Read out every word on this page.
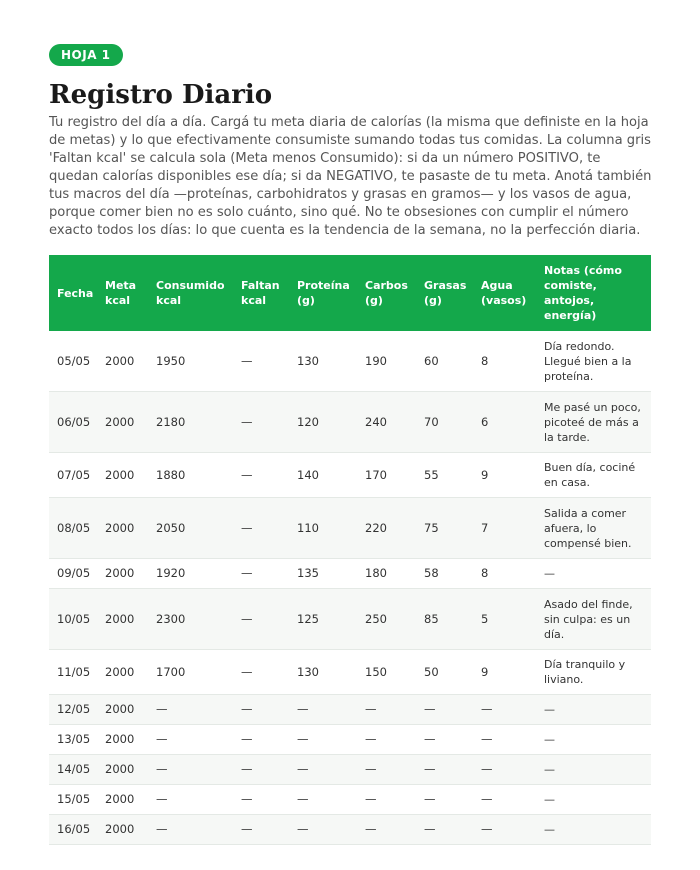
HOJA 1
Registro Diario

Tu registro del día a día. Cargá tu meta diaria de calorías (la misma que definiste en la hoja de metas) y lo que efectivamente consumiste sumando todas tus comidas. La columna gris 'Faltan kcal' se calcula sola (Meta menos Consumido): si da un número POSITIVO, te quedan calorías disponibles ese día; si da NEGATIVO, te pasaste de tu meta. Anotá también tus macros del día —proteínas, carbohidratos y grasas en gramos— y los vasos de agua, porque comer bien no es solo cuánto, sino qué. No te obsesiones con cumplir el número exacto todos los días: lo que cuenta es la tendencia de la semana, no la perfección diaria.

Fecha	Meta kcal	Consumido kcal	Faltan kcal	Proteína (g)	Carbos (g)	Grasas (g)	Agua (vasos)	Notas (cómo comiste, antojos, energía)
05/05	2000	1950	—	130	190	60	8	Día redondo. Llegué bien a la proteína.
06/05	2000	2180	—	120	240	70	6	Me pasé un poco, picoteé de más a la tarde.
07/05	2000	1880	—	140	170	55	9	Buen día, cociné en casa.
08/05	2000	2050	—	110	220	75	7	Salida a comer afuera, lo compensé bien.
09/05	2000	1920	—	135	180	58	8	—
10/05	2000	2300	—	125	250	85	5	Asado del finde, sin culpa: es un día.
11/05	2000	1700	—	130	150	50	9	Día tranquilo y liviano.
12/05	2000	—	—	—	—	—	—	—
13/05	2000	—	—	—	—	—	—	—
14/05	2000	—	—	—	—	—	—	—
15/05	2000	—	—	—	—	—	—	—
16/05	2000	—	—	—	—	—	—	—
